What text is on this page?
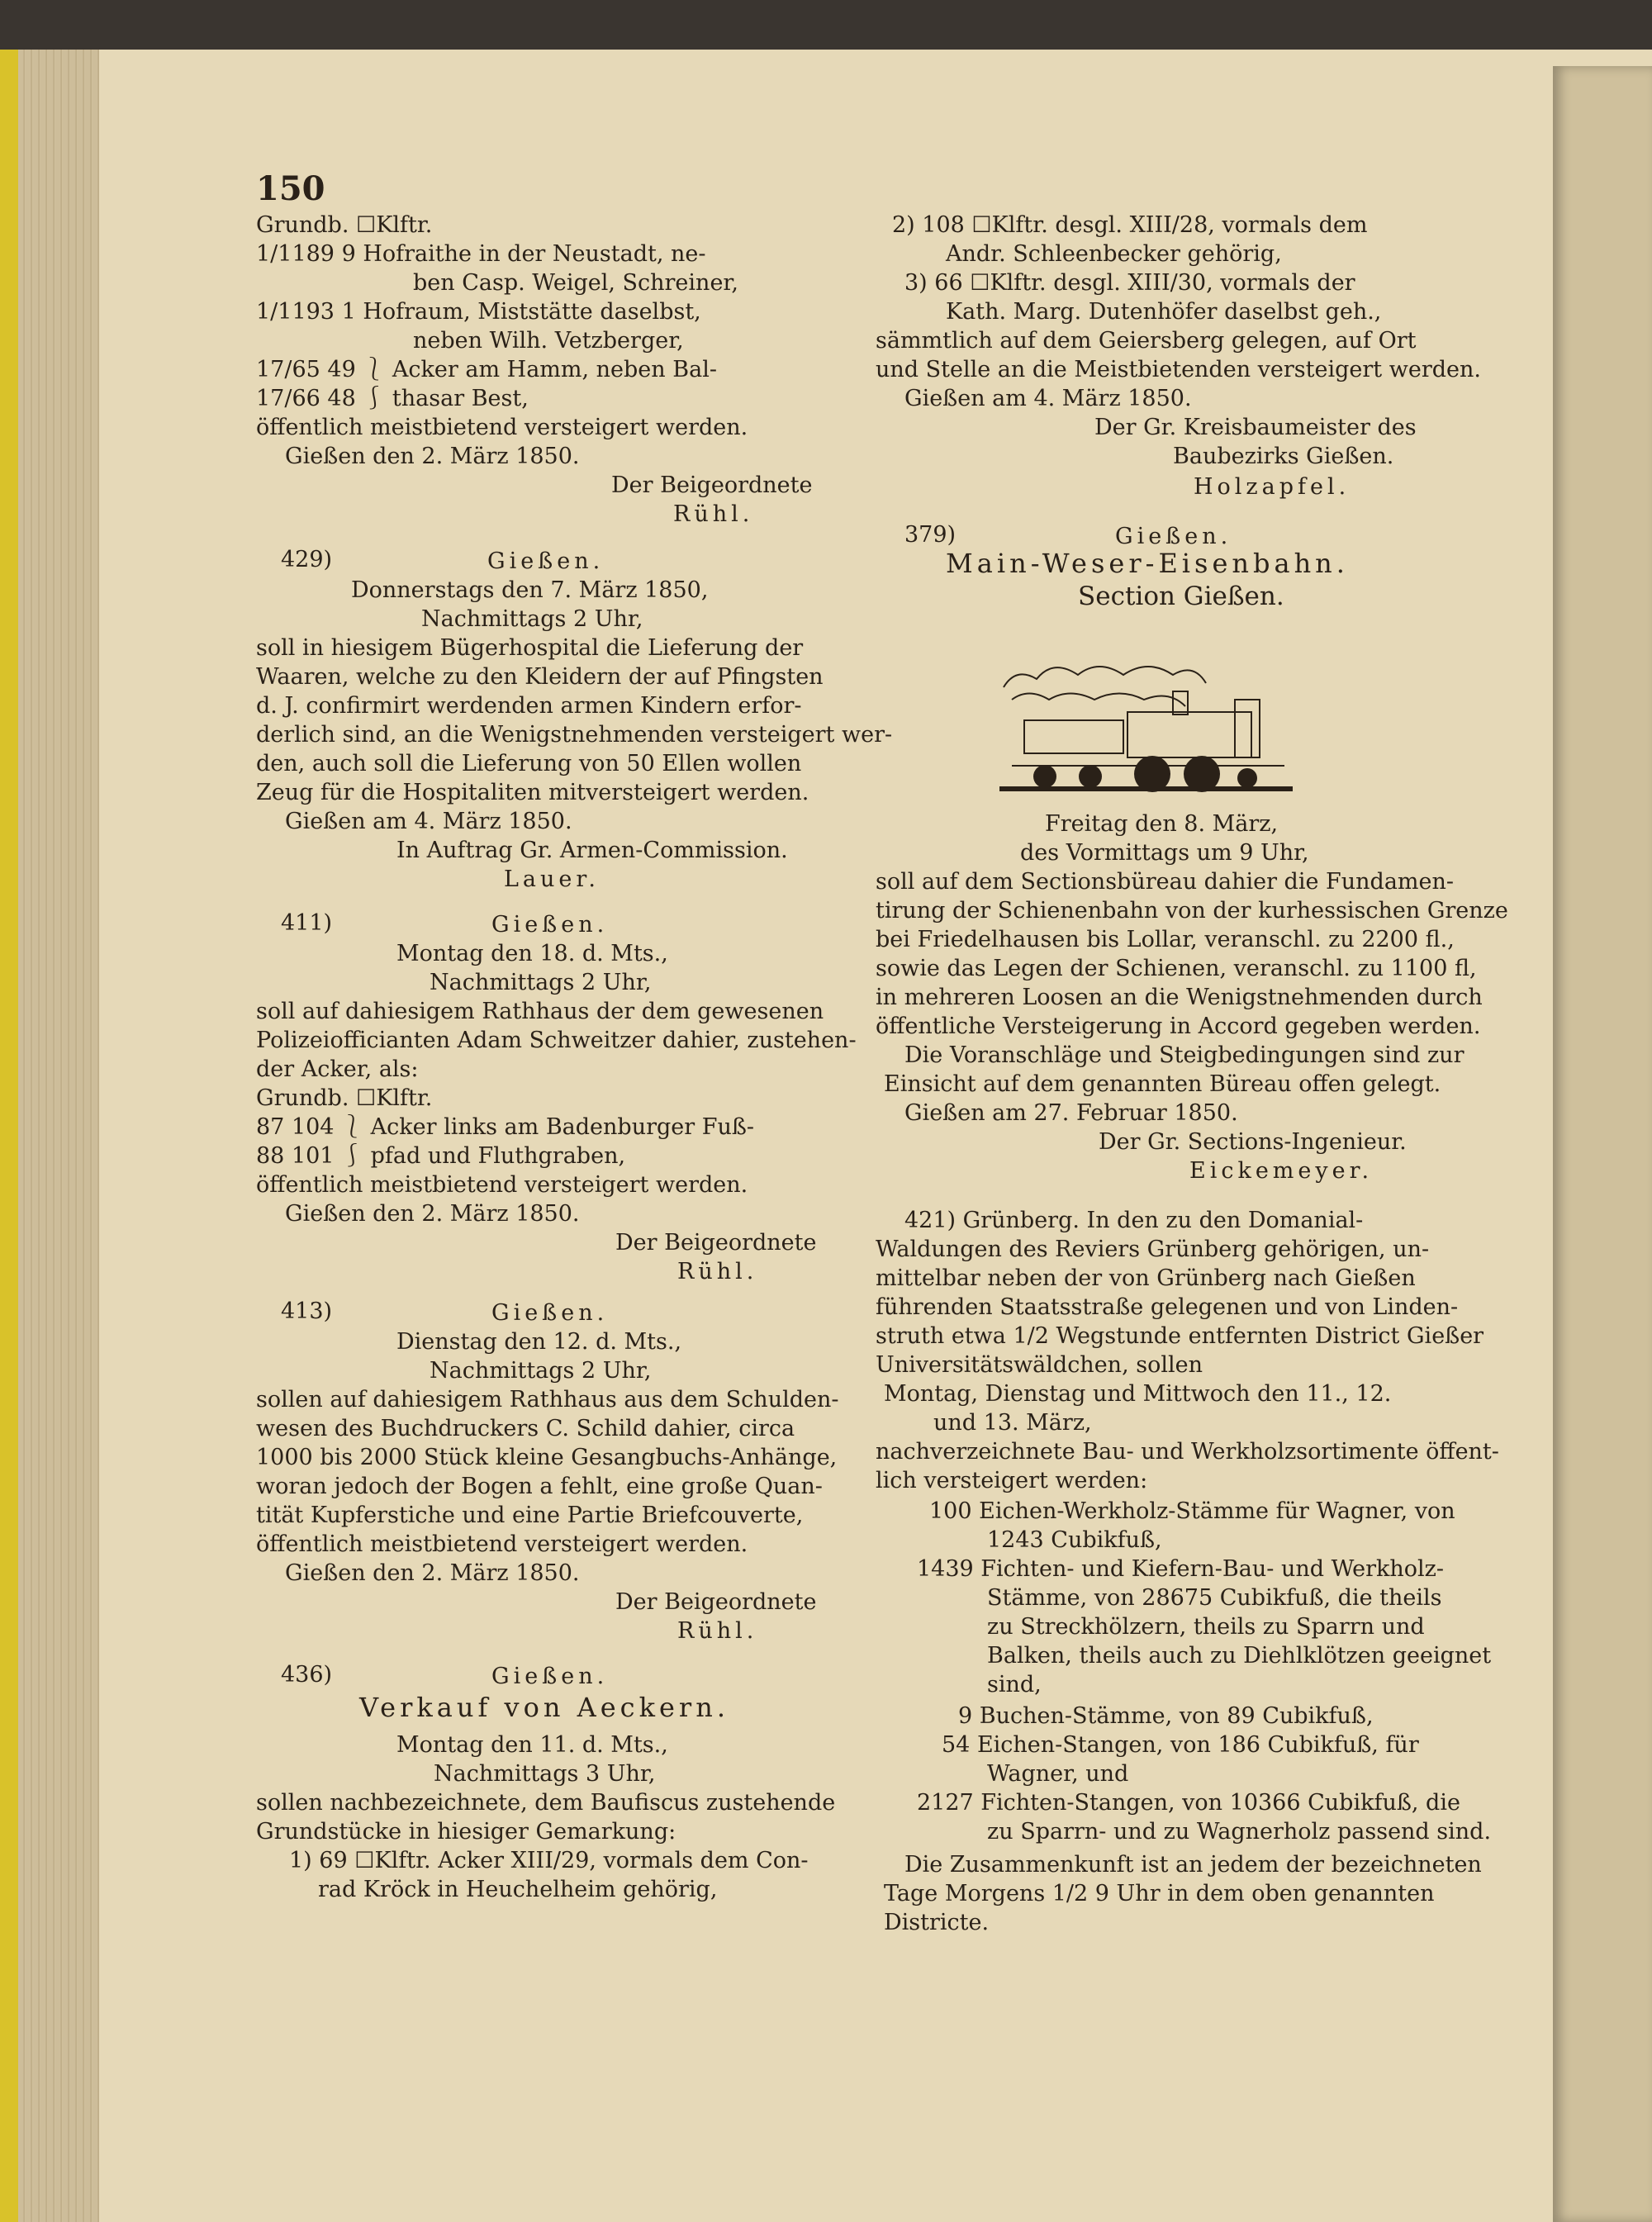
150
Grundb. ☐Klftr.
1/1189 9 Hofraithe in der Neustadt, ne-
ben Casp. Weigel, Schreiner,
1/1193 1 Hofraum, Miststätte daselbst,
neben Wilh. Vetzberger,
17/65 49 ⎱ Acker am Hamm, neben Bal-
17/66 48 ⎰ thasar Best,
öffentlich meistbietend versteigert werden.
Gießen den 2. März 1850.
Der Beigeordnete
Rühl.
429)	Gießen.
Donnerstags den 7. März 1850,
Nachmittags 2 Uhr,
soll in hiesigem Bügerhospital die Lieferung der
Waaren, welche zu den Kleidern der auf Pfingsten
d. J. confirmirt werdenden armen Kindern erfor-
derlich sind, an die Wenigstnehmenden versteigert wer-
den, auch soll die Lieferung von 50 Ellen wollen
Zeug für die Hospitaliten mitversteigert werden.
Gießen am 4. März 1850.
In Auftrag Gr. Armen-Commission.
Lauer.
411)	Gießen.
Montag den 18. d. Mts.,
Nachmittags 2 Uhr,
soll auf dahiesigem Rathhaus der dem gewesenen
Polizeiofficianten Adam Schweitzer dahier, zustehen-
der Acker, als:
Grundb. ☐Klftr.
87 104 ⎱ Acker links am Badenburger Fuß-
88 101 ⎰ pfad und Fluthgraben,
öffentlich meistbietend versteigert werden.
Gießen den 2. März 1850.
Der Beigeordnete
Rühl.
413)	Gießen.
Dienstag den 12. d. Mts.,
Nachmittags 2 Uhr,
sollen auf dahiesigem Rathhaus aus dem Schulden-
wesen des Buchdruckers C. Schild dahier, circa
1000 bis 2000 Stück kleine Gesangbuchs-Anhänge,
woran jedoch der Bogen a fehlt, eine große Quan-
tität Kupferstiche und eine Partie Briefcouverte,
öffentlich meistbietend versteigert werden.
Gießen den 2. März 1850.
Der Beigeordnete
Rühl.
436)	Gießen.
Verkauf von Aeckern.
Montag den 11. d. Mts.,
Nachmittags 3 Uhr,
sollen nachbezeichnete, dem Baufiscus zustehende
Grundstücke in hiesiger Gemarkung:
1) 69 ☐Klftr. Acker XIII/29, vormals dem Con-
rad Kröck in Heuchelheim gehörig,
2) 108 ☐Klftr. desgl. XIII/28, vormals dem
Andr. Schleenbecker gehörig,
3) 66 ☐Klftr. desgl. XIII/30, vormals der
Kath. Marg. Dutenhöfer daselbst geh.,
sämmtlich auf dem Geiersberg gelegen, auf Ort
und Stelle an die Meistbietenden versteigert werden.
Gießen am 4. März 1850.
Der Gr. Kreisbaumeister des
Baubezirks Gießen.
Holzapfel.
379)	Gießen.
Main-Weser-Eisenbahn.
Section Gießen.
Freitag den 8. März,
des Vormittags um 9 Uhr,
soll auf dem Sectionsbüreau dahier die Fundamen-
tirung der Schienenbahn von der kurhessischen Grenze
bei Friedelhausen bis Lollar, veranschl. zu 2200 fl.,
sowie das Legen der Schienen, veranschl. zu 1100 fl,
in mehreren Loosen an die Wenigstnehmenden durch
öffentliche Versteigerung in Accord gegeben werden.
Die Voranschläge und Steigbedingungen sind zur
Einsicht auf dem genannten Büreau offen gelegt.
Gießen am 27. Februar 1850.
Der Gr. Sections-Ingenieur.
Eickemeyer.
421) Grünberg. In den zu den Domanial-
Waldungen des Reviers Grünberg gehörigen, un-
mittelbar neben der von Grünberg nach Gießen
führenden Staatsstraße gelegenen und von Linden-
struth etwa 1/2 Wegstunde entfernten District Gießer
Universitätswäldchen, sollen
Montag, Dienstag und Mittwoch den 11., 12.
und 13. März,
nachverzeichnete Bau- und Werkholzsortimente öffent-
lich versteigert werden:
100 Eichen-Werkholz-Stämme für Wagner, von
1243 Cubikfuß,
1439 Fichten- und Kiefern-Bau- und Werkholz-
Stämme, von 28675 Cubikfuß, die theils
zu Streckhölzern, theils zu Sparrn und
Balken, theils auch zu Diehlklötzen geeignet
sind,
9 Buchen-Stämme, von 89 Cubikfuß,
54 Eichen-Stangen, von 186 Cubikfuß, für
Wagner, und
2127 Fichten-Stangen, von 10366 Cubikfuß, die
zu Sparrn- und zu Wagnerholz passend sind.
Die Zusammenkunft ist an jedem der bezeichneten
Tage Morgens 1/2 9 Uhr in dem oben genannten
Districte.
